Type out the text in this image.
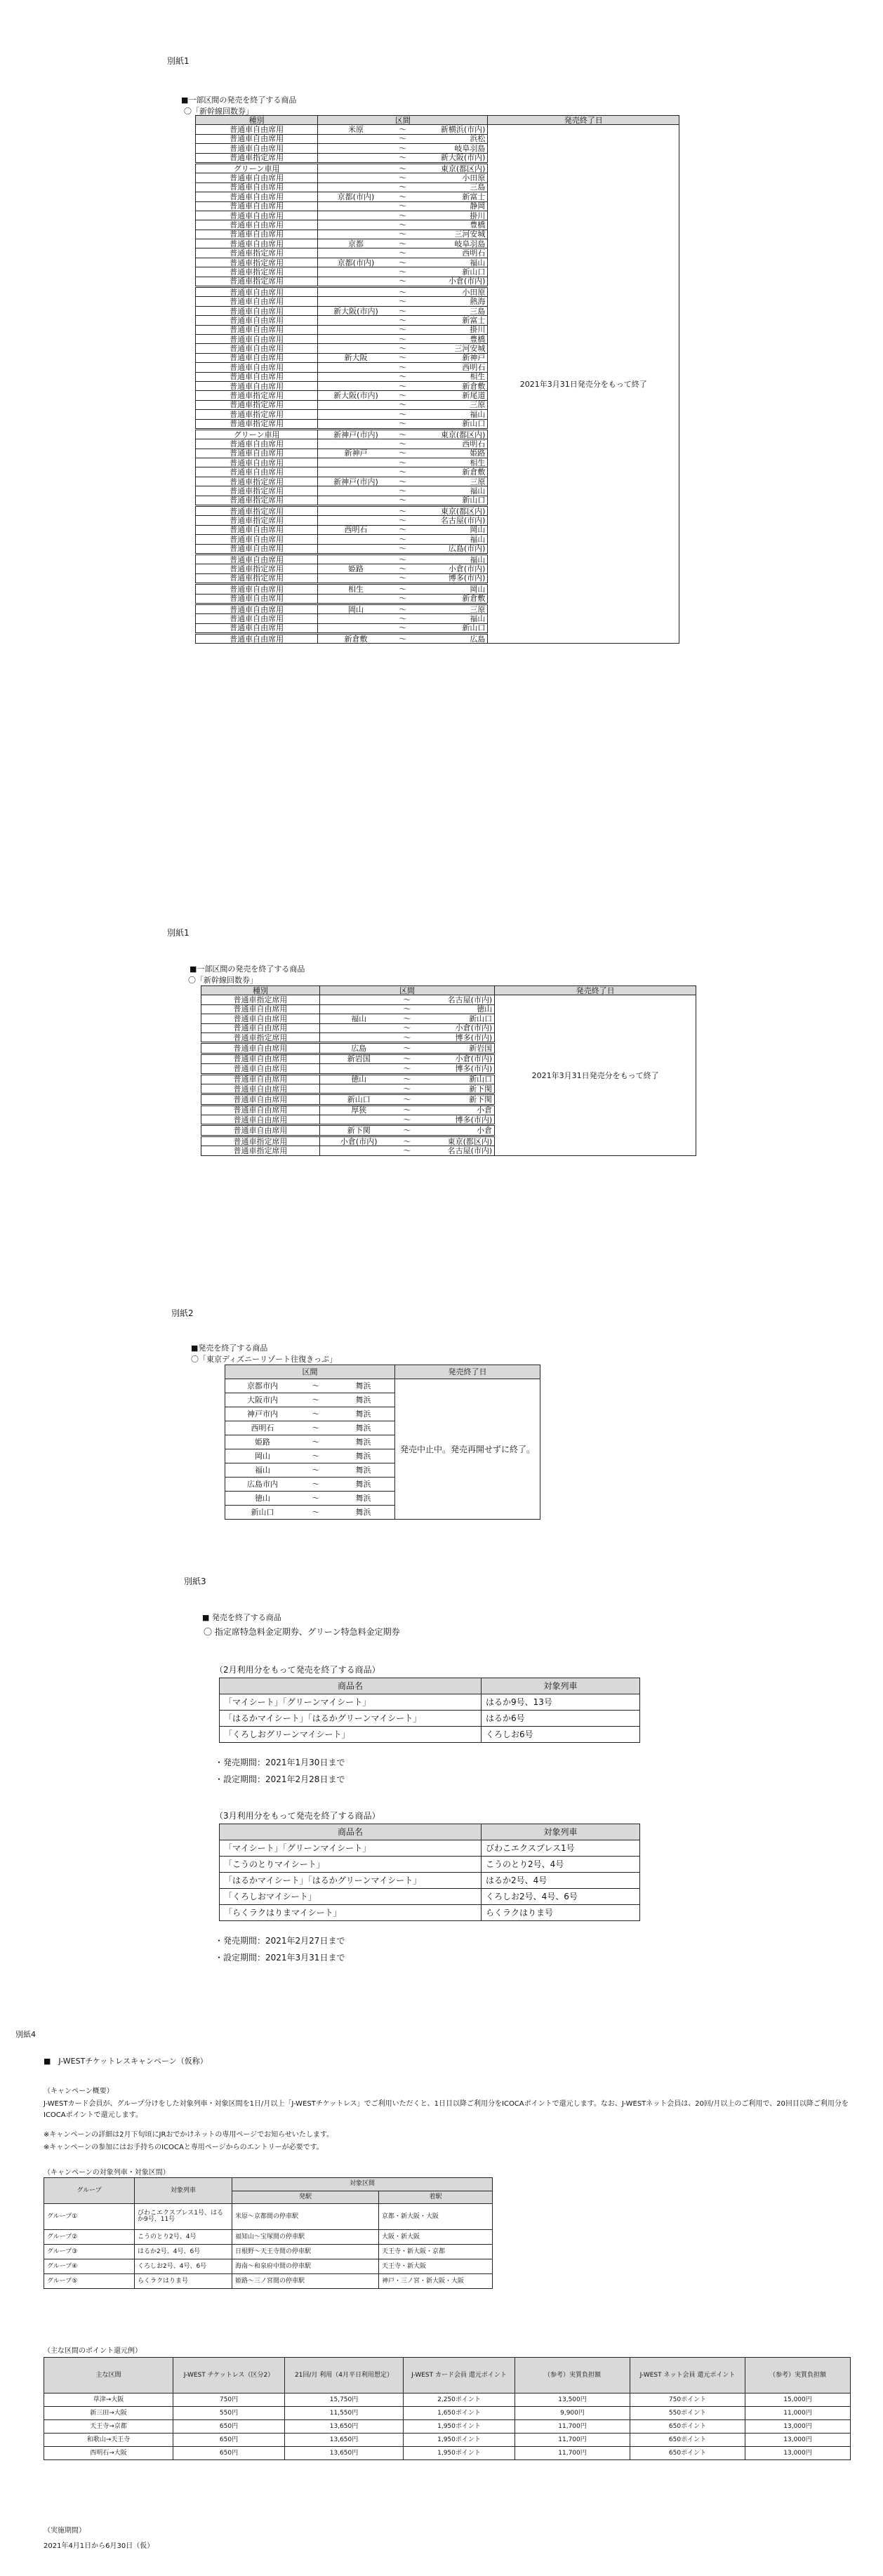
別紙1
■一部区間の発売を終了する商品
〇「新幹線回数券」
種別	区間			発売終了日
普通車自由席用	米原	～	新横浜(市内)	2021年3月31日発売分をもって終了
普通車自由席用		～	浜松	
普通車自由席用		～	岐阜羽島	
普通車指定席用		～	新大阪(市内)	
グリーン車用		～	東京(都区内)	
普通車自由席用		～	小田原	
普通車自由席用		～	三島	
普通車自由席用	京都(市内)	～	新富士	
普通車自由席用		～	静岡	
普通車自由席用		～	掛川	
普通車自由席用		～	豊橋	
普通車自由席用		～	三河安城	
普通車自由席用	京都	～	岐阜羽島	
普通車指定席用		～	西明石	
普通車指定席用	京都(市内)	～	福山	
普通車指定席用		～	新山口	
普通車指定席用		～	小倉(市内)	
普通車自由席用		～	小田原	
普通車自由席用		～	熱海	
普通車自由席用	新大阪(市内)	～	三島	
普通車自由席用		～	新富士	
普通車自由席用		～	掛川	
普通車自由席用		～	豊橋	
普通車自由席用		～	三河安城	
普通車自由席用	新大阪	～	新神戸	
普通車自由席用		～	西明石	
普通車自由席用		～	相生	
普通車自由席用		～	新倉敷	
普通車指定席用	新大阪(市内)	～	新尾道	
普通車指定席用		～	三原	
普通車指定席用		～	福山	
普通車指定席用		～	新山口	
グリーン車用	新神戸(市内)	～	東京(都区内)	
普通車自由席用		～	西明石	
普通車自由席用	新神戸	～	姫路	
普通車自由席用		～	相生	
普通車自由席用		～	新倉敷	
普通車指定席用	新神戸(市内)	～	三原	
普通車指定席用		～	福山	
普通車指定席用		～	新山口	
普通車指定席用		～	東京(都区内)	
普通車指定席用		～	名古屋(市内)	
普通車自由席用	西明石	～	岡山	
普通車自由席用		～	福山	
普通車自由席用		～	広島(市内)	
普通車自由席用		～	福山	
普通車指定席用	姫路	～	小倉(市内)	
普通車指定席用		～	博多(市内)	
普通車自由席用	相生	～	岡山	
普通車自由席用		～	新倉敷	
普通車自由席用	岡山	～	三原	
普通車自由席用		～	福山	
普通車自由席用		～	新山口	
普通車自由席用	新倉敷	～	広島	
別紙1
■一部区間の発売を終了する商品
〇「新幹線回数券」
種別	区間			発売終了日
普通車指定席用		～	名古屋(市内)	2021年3月31日発売分をもって終了
普通車自由席用		～	徳山	
普通車自由席用	福山	～	新山口	
普通車自由席用		～	小倉(市内)	
普通車指定席用		～	博多(市内)	
普通車自由席用	広島	～	新岩国	
普通車自由席用	新岩国	～	小倉(市内)	
普通車自由席用		～	博多(市内)	
普通車自由席用	徳山	～	新山口	
普通車自由席用		～	新下関	
普通車自由席用	新山口	～	新下関	
普通車自由席用	厚狭	～	小倉	
普通車自由席用		～	博多(市内)	
普通車自由席用	新下関	～	小倉	
普通車指定席用	小倉(市内)	～	東京(都区内)	
普通車指定席用		～	名古屋(市内)	
別紙2
■発売を終了する商品
〇「東京ディズニーリゾート往復きっぷ」
区間			発売終了日
京都市内	～	舞浜	発売中止中。発売再開せずに終了。
大阪市内	～	舞浜	
神戸市内	～	舞浜	
西明石	～	舞浜	
姫路	～	舞浜	
岡山	～	舞浜	
福山	～	舞浜	
広島市内	～	舞浜	
徳山	～	舞浜	
新山口	～	舞浜	
別紙3
■ 発売を終了する商品
〇 指定席特急料金定期券、グリーン特急料金定期券
（2月利用分をもって発売を終了する商品）
商品名	対象列車
「マイシート」「グリーンマイシート」	はるか9号、13号
「はるかマイシート」「はるかグリーンマイシート」	はるか6号
「くろしおグリーンマイシート」	くろしお6号
・発売期間：2021年1月30日まで
・設定期間：2021年2月28日まで
（3月利用分をもって発売を終了する商品）
商品名	対象列車
「マイシート」「グリーンマイシート」	びわこエクスプレス1号
「こうのとりマイシート」	こうのとり2号、4号
「はるかマイシート」「はるかグリーンマイシート」	はるか2号、4号
「くろしおマイシート」	くろしお2号、4号、6号
「らくラクはりまマイシート」	らくラクはりま号
・発売期間：2021年2月27日まで
・設定期間：2021年3月31日まで
別紙4
■　J-WESTチケットレスキャンペーン（仮称）
（キャンペーン概要）
J-WESTカード会員が、グループ分けをした対象列車・対象区間を1日/月以上「J-WESTチケットレス」でご利用いただくと、1日目以降ご利用分をICOCAポイントで還元します。なお、J-WESTネット会員は、20回/月以上のご利用で、20回目以降ご利用分をICOCAポイントで還元します。
※キャンペーンの詳細は2月下旬頃にJRおでかけネットの専用ページでお知らせいたします。
※キャンペーンの参加にはお手持ちのICOCAと専用ページからのエントリーが必要です。
（キャンペーンの対象列車・対象区間）
グループ	対象列車	対象区間	
		発駅	着駅
グループ①	びわこエクスプレス1号、はるか9号、11号	米原～京都間の停車駅	京都・新大阪・大阪
グループ②	こうのとり2号、4号	福知山～宝塚間の停車駅	大阪・新大阪
グループ③	はるか2号、4号、6号	日根野～天王寺間の停車駅	天王寺・新大阪・京都
グループ④	くろしお2号、4号、6号	海南～和泉府中間の停車駅	天王寺・新大阪
グループ⑤	らくラクはりま号	姫路～三ノ宮間の停車駅	神戸・三ノ宮・新大阪・大阪
（主な区間のポイント還元例）
主な区間	J-WEST チケットレス（区分2）	21回/月 利用（4月平日利用想定）	J-WEST カード会員 還元ポイント	（参考）実質負担額	J-WEST ネット会員 還元ポイント	（参考）実質負担額

草津→大阪	750円	15,750円	2,250ポイント	13,500円	750ポイント	15,000円
新三田→大阪	550円	11,550円	1,650ポイント	9,900円	550ポイント	11,000円
天王寺→京都	650円	13,650円	1,950ポイント	11,700円	650ポイント	13,000円
和歌山→天王寺	650円	13,650円	1,950ポイント	11,700円	650ポイント	13,000円
西明石→大阪	650円	13,650円	1,950ポイント	11,700円	650ポイント	13,000円
（実施期間）
2021年4月1日から6月30日（仮）
